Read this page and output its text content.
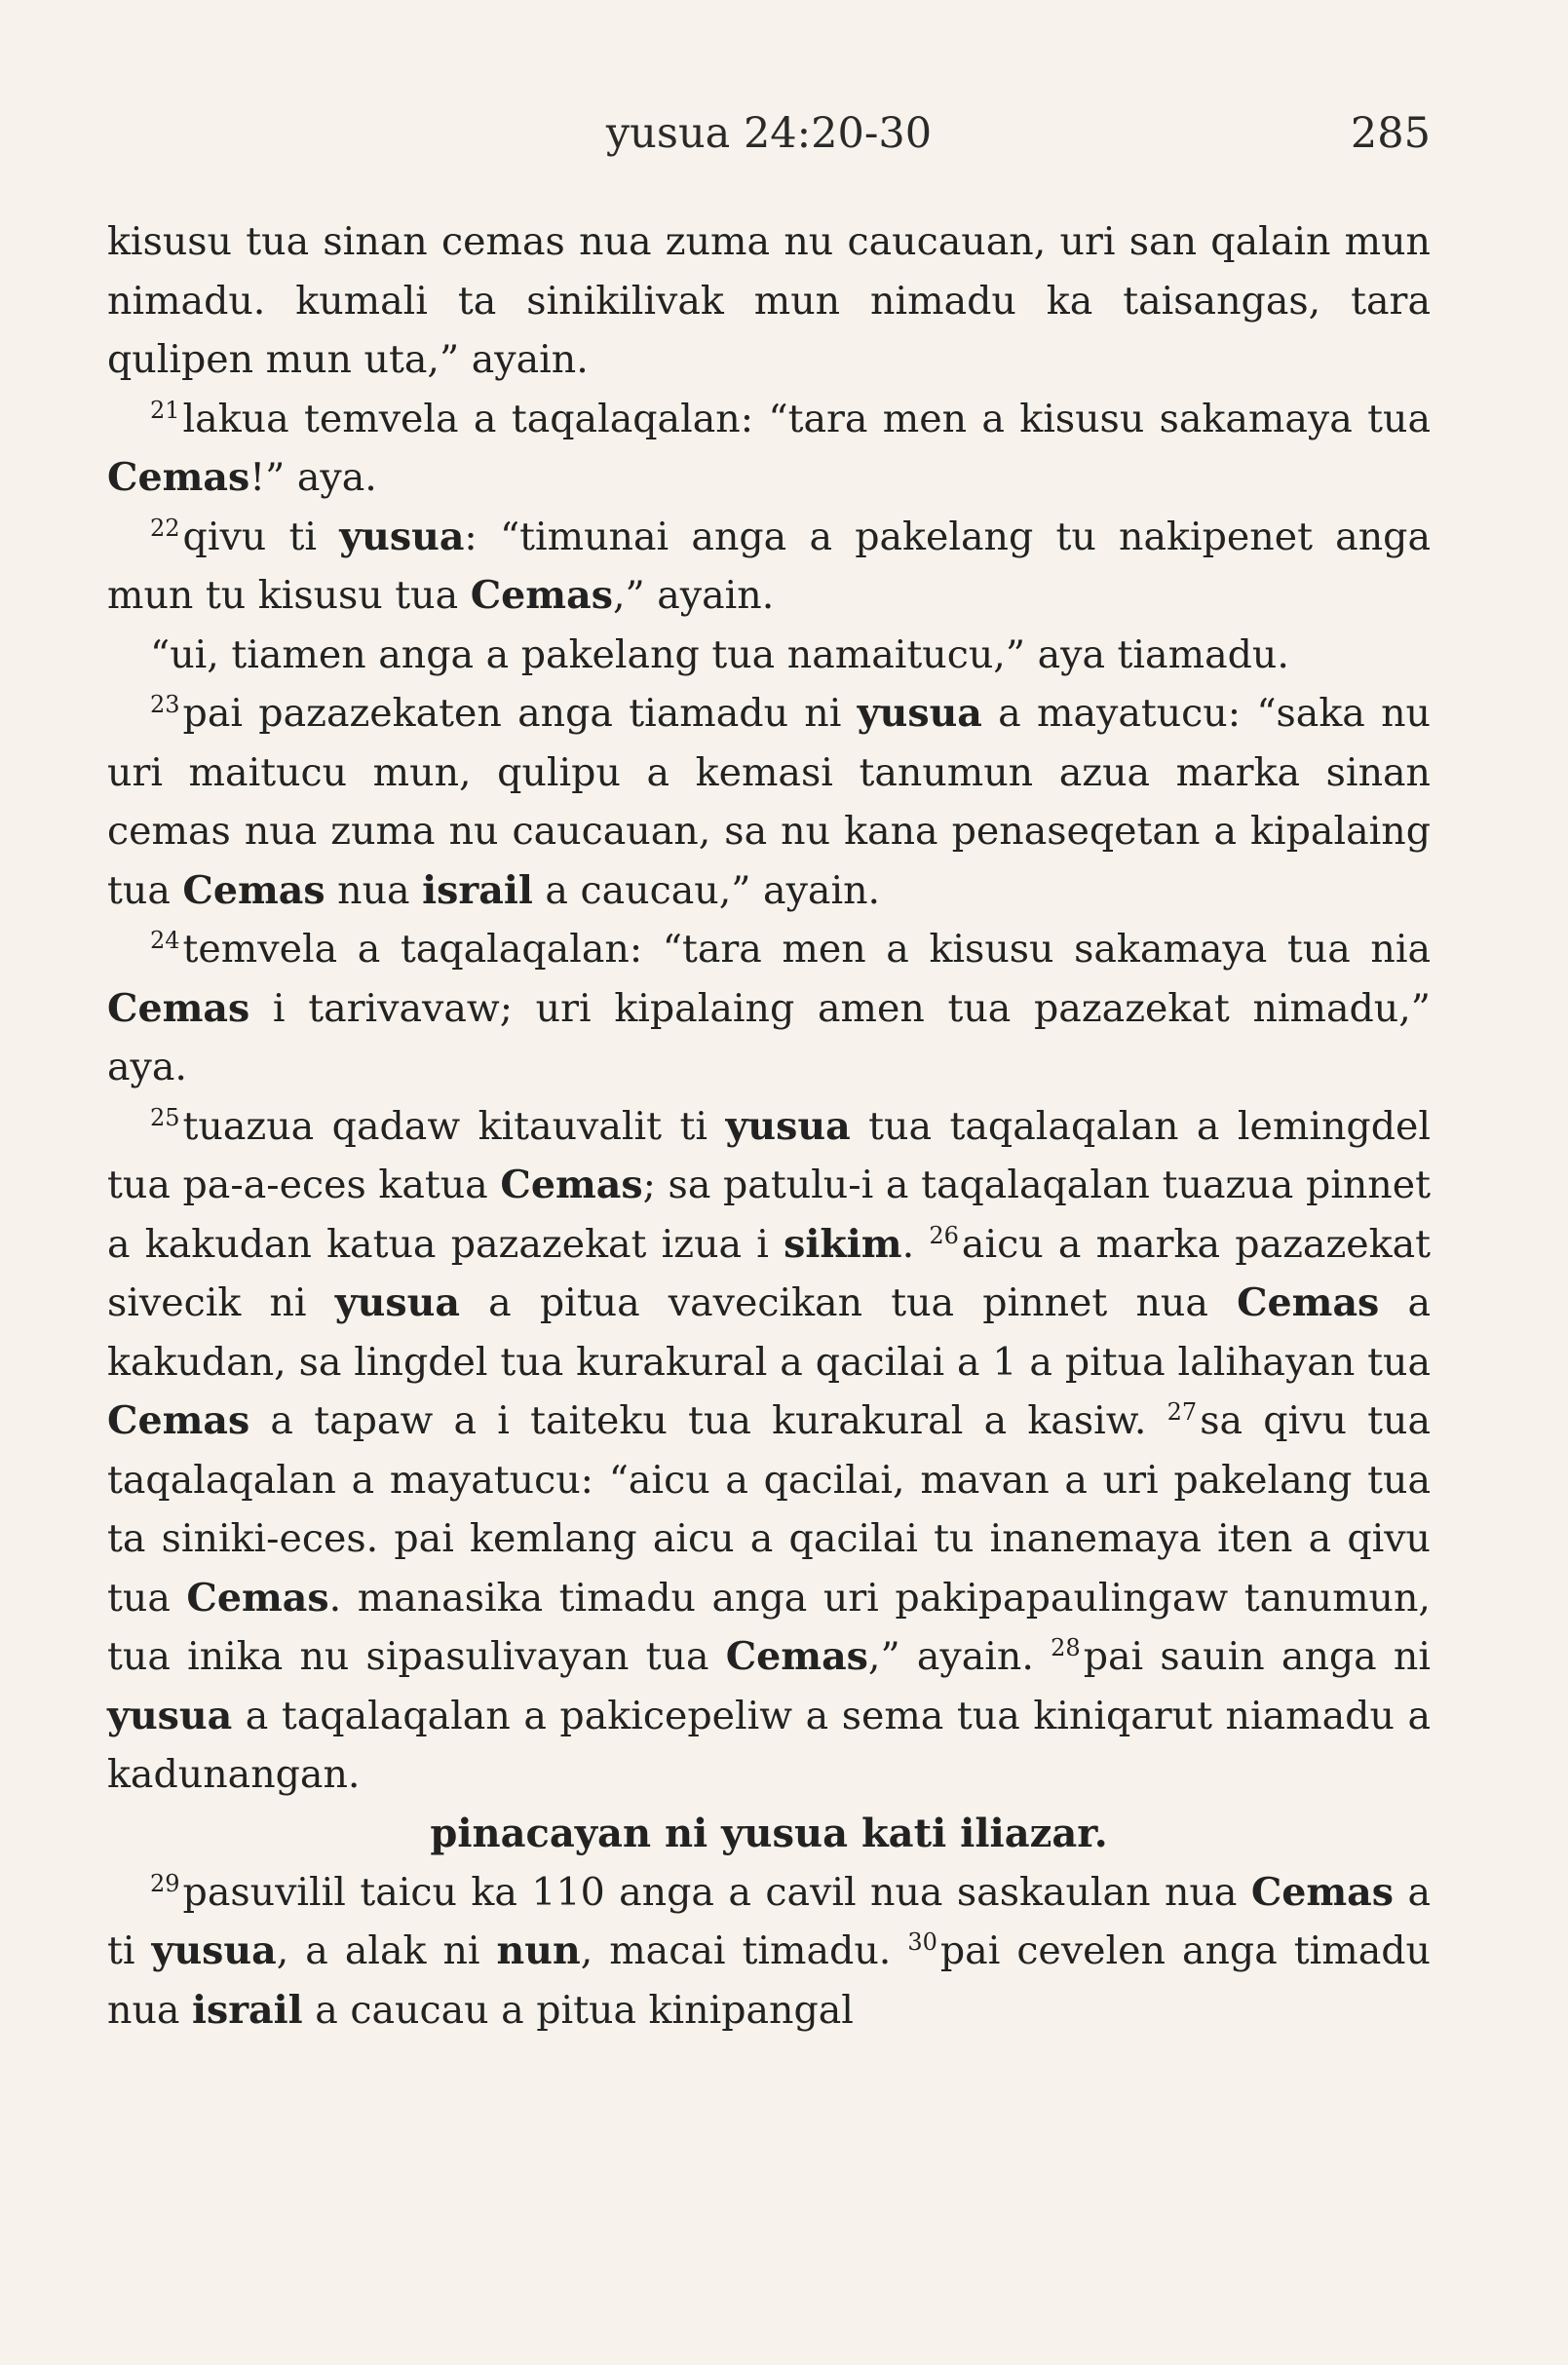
yusua 24:20-30	285

kisusu tua sinan cemas nua zuma nu caucauan, uri san qalain mun nimadu. kumali ta sinikilivak mun nimadu ka taisangas, tara qulipen mun uta,” ayain.

$^{21}$lakua temvela a taqalaqalan: “tara men a kisusu sakamaya tua Cemas!” aya.

$^{22}$qivu ti yusua: “timunai anga a pakelang tu nakipenet anga mun tu kisusu tua Cemas,” ayain.

“ui, tiamen anga a pakelang tua namaitucu,” aya tiamadu.

$^{23}$pai pazazekaten anga tiamadu ni yusua a mayatucu: “saka nu uri maitucu mun, qulipu a kemasi tanumun azua marka sinan cemas nua zuma nu caucauan, sa nu kana penaseqetan a kipalaing tua Cemas nua israil a caucau,” ayain.

$^{24}$temvela a taqalaqalan: “tara men a kisusu sakamaya tua nia Cemas i tarivavaw; uri kipalaing amen tua pazazekat nimadu,” aya.

$^{25}$tuazua qadaw kitauvalit ti yusua tua taqalaqalan a lemingdel tua pa-a-eces katua Cemas; sa patulu-i a taqalaqalan tuazua pinnet a kakudan katua pazazekat izua i sikim. $^{26}$aicu a marka pazazekat sivecik ni yusua a pitua vavecikan tua pinnet nua Cemas a kakudan, sa lingdel tua kurakural a qacilai a 1 a pitua lalihayan tua Cemas a tapaw a i taiteku tua kurakural a kasiw. $^{27}$sa qivu tua taqalaqalan a mayatucu: “aicu a qacilai, mavan a uri pakelang tua ta siniki-eces. pai kemlang aicu a qacilai tu inanemaya iten a qivu tua Cemas. manasika timadu anga uri pakipapaulingaw tanumun, tua inika nu sipasulivayan tua Cemas,” ayain. $^{28}$pai sauin anga ni yusua a taqalaqalan a pakicepeliw a sema tua kiniqarut niamadu a kadunangan.

pinacayan ni yusua kati iliazar.

$^{29}$pasuvilil taicu ka 110 anga a cavil nua saskaulan nua Cemas a ti yusua, a alak ni nun, macai timadu. $^{30}$pai cevelen anga timadu nua israil a caucau a pitua kinipangal
